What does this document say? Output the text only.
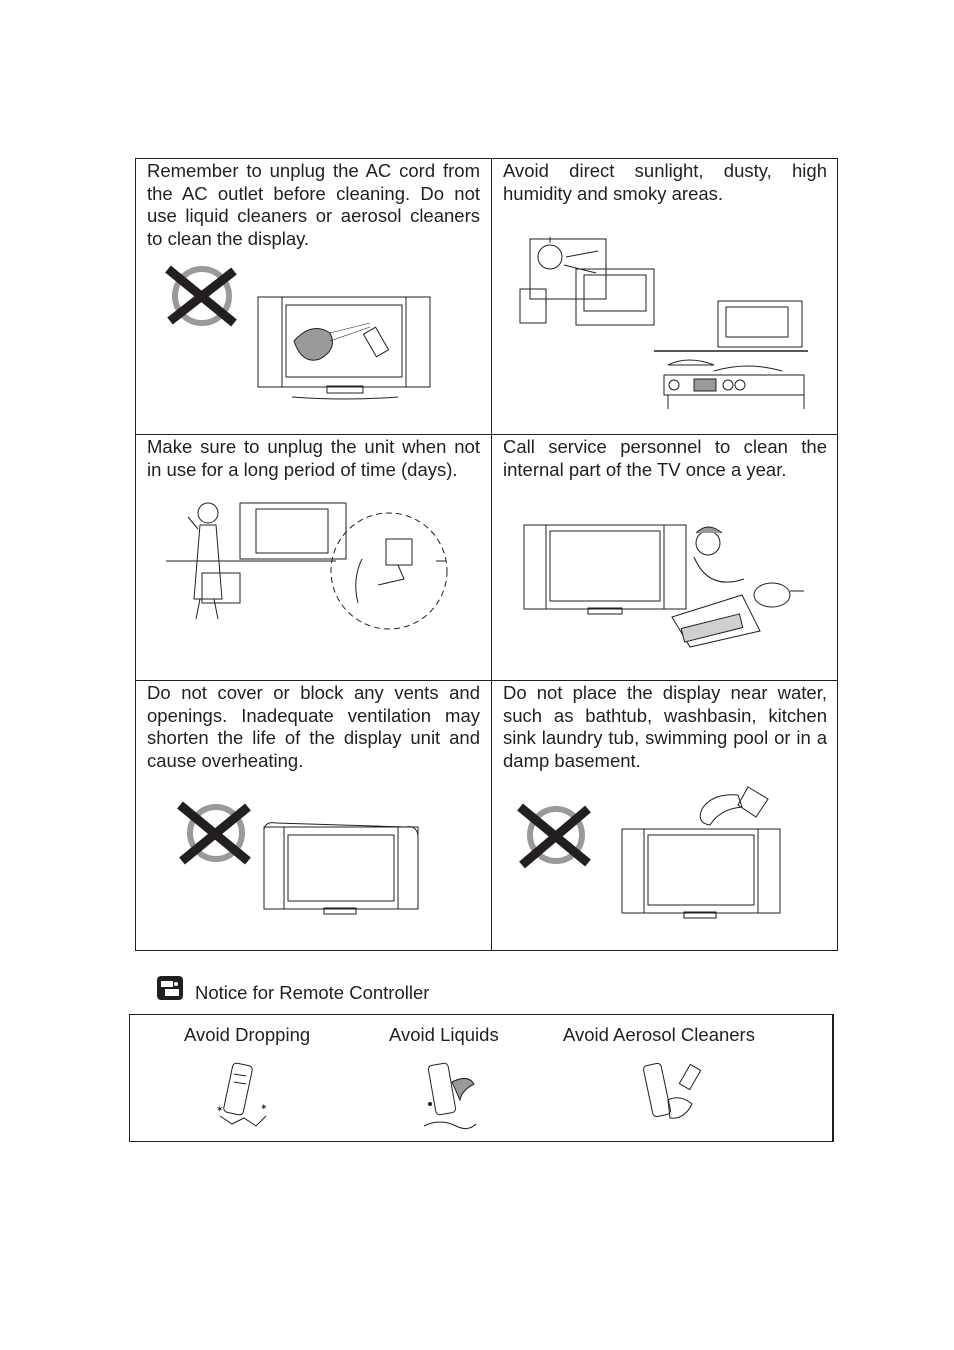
Remember to unplug the AC cord from the AC outlet before cleaning. Do not use liquid cleaners or aerosol cleaners to clean the display.

Avoid direct sunlight, dusty, high humidity and smoky areas.

Make sure to unplug the unit when not in use for a long period of time (days).

Call service personnel to clean the internal part of the TV once a year.

Do not cover or block any vents and openings. Inadequate ventilation may shorten the life of the display unit and cause overheating.

Do not place the display near water, such as bathtub, washbasin, kitchen sink laundry tub, swimming pool or in a damp basement.

Notice for Remote Controller
Avoid Dropping	Avoid Liquids	Avoid Aerosol Cleaners
✶	✶
